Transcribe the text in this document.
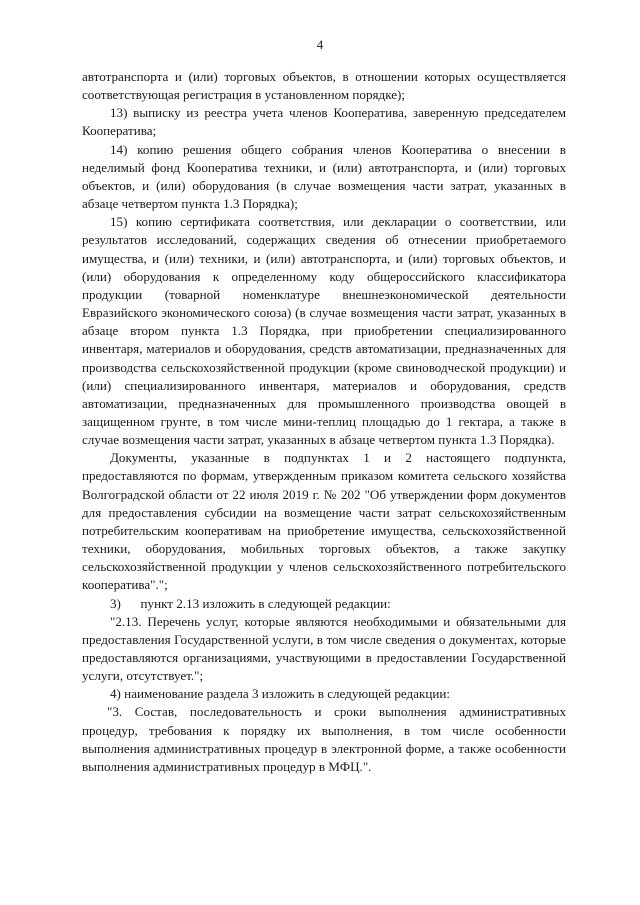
4

автотранспорта и (или) торговых объектов, в отношении которых осуществляется соответствующая регистрация в установленном порядке);

13) выписку из реестра учета членов Кооператива, заверенную председателем Кооператива;

14) копию решения общего собрания членов Кооператива о внесении в неделимый фонд Кооператива техники, и (или) автотранспорта, и (или) торговых объектов, и (или) оборудования (в случае возмещения части затрат, указанных в абзаце четвертом пункта 1.3 Порядка);

15) копию сертификата соответствия, или декларации о соответствии, или результатов исследований, содержащих сведения об отнесении приобретаемого имущества, и (или) техники, и (или) автотранспорта, и (или) торговых объектов, и (или) оборудования к определенному коду общероссийского классификатора продукции (товарной номенклатуре внешнеэкономической деятельности Евразийского экономического союза) (в случае возмещения части затрат, указанных в абзаце втором пункта 1.3 Порядка, при приобретении специализированного инвентаря, материалов и оборудования, средств автоматизации, предназначенных для производства сельскохозяйственной продукции (кроме свиноводческой продукции) и (или) специализированного инвентаря, материалов и оборудования, средств автоматизации, предназначенных для промышленного производства овощей в защищенном грунте, в том числе мини-теплиц площадью до 1 гектара, а также в случае возмещения части затрат, указанных в абзаце четвертом пункта 1.3 Порядка).

Документы, указанные в подпунктах 1 и 2 настоящего подпункта, предоставляются по формам, утвержденным приказом комитета сельского хозяйства Волгоградской области от 22 июля 2019 г. № 202 "Об утверждении форм документов для предоставления субсидии на возмещение части затрат сельскохозяйственным потребительским кооперативам на приобретение имущества, сельскохозяйственной техники, оборудования, мобильных торговых объектов, а также закупку сельскохозяйственной продукции у членов сельскохозяйственного потребительского кооператива".";

3)      пункт 2.13 изложить в следующей редакции:

"2.13. Перечень услуг, которые являются необходимыми и обязательными для предоставления Государственной услуги, в том числе сведения о документах, которые предоставляются организациями, участвующими в предоставлении Государственной услуги, отсутствует.";

4) наименование раздела 3 изложить в следующей редакции:

"3. Состав, последовательность и сроки выполнения административных процедур, требования к порядку их выполнения, в том числе особенности выполнения административных процедур в электронной форме, а также особенности выполнения административных процедур в МФЦ.".
